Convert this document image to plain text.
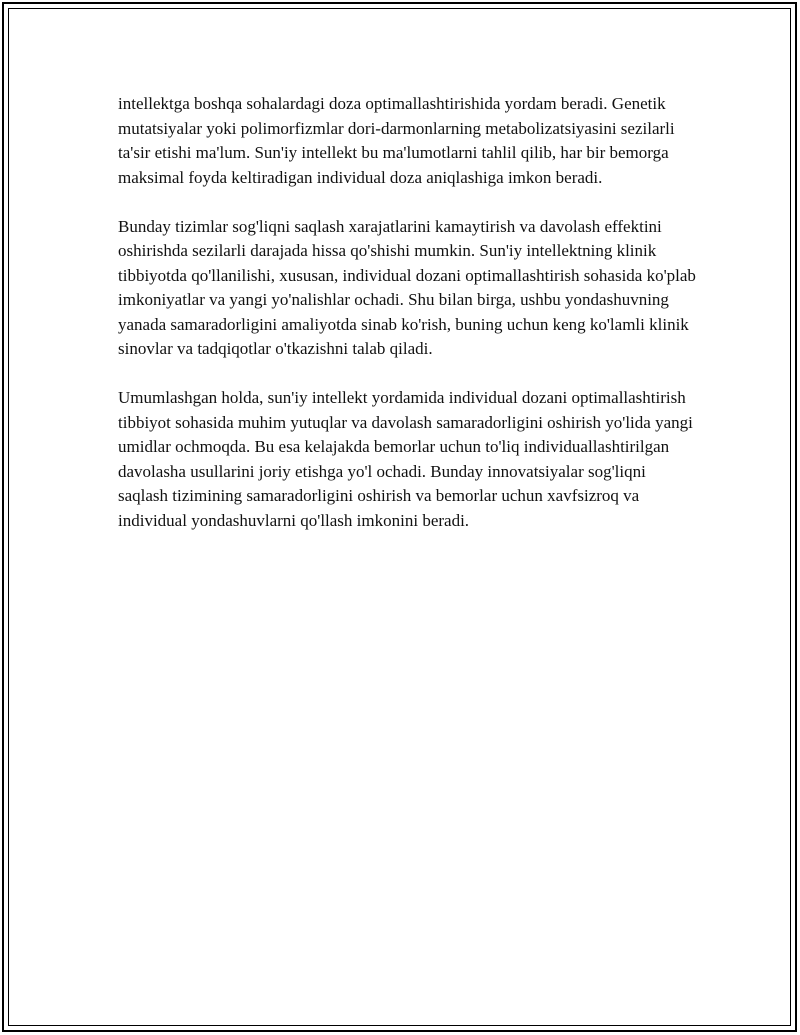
intellektga boshqa sohalardagi doza optimallashtirishida yordam beradi. Genetik mutatsiyalar yoki polimorfizmlar dori-darmonlarning metabolizatsiyasini sezilarli ta'sir etishi ma'lum. Sun'iy intellekt bu ma'lumotlarni tahlil qilib, har bir bemorga maksimal foyda keltiradigan individual doza aniqlashiga imkon beradi.

Bunday tizimlar sog'liqni saqlash xarajatlarini kamaytirish va davolash effektini oshirishda sezilarli darajada hissa qo'shishi mumkin. Sun'iy intellektning klinik tibbiyotda qo'llanilishi, xususan, individual dozani optimallashtirish sohasida ko'plab imkoniyatlar va yangi yo'nalishlar ochadi. Shu bilan birga, ushbu yondashuvning yanada samaradorligini amaliyotda sinab ko'rish, buning uchun keng ko'lamli klinik sinovlar va tadqiqotlar o'tkazishni talab qiladi.

Umumlashgan holda, sun'iy intellekt yordamida individual dozani optimallashtirish tibbiyot sohasida muhim yutuqlar va davolash samaradorligini oshirish yo'lida yangi umidlar ochmoqda. Bu esa kelajakda bemorlar uchun to'liq individuallashtirilgan davolasha usullarini joriy etishga yo'l ochadi. Bunday innovatsiyalar sog'liqni saqlash tizimining samaradorligini oshirish va bemorlar uchun xavfsizroq va individual yondashuvlarni qo'llash imkonini beradi.
